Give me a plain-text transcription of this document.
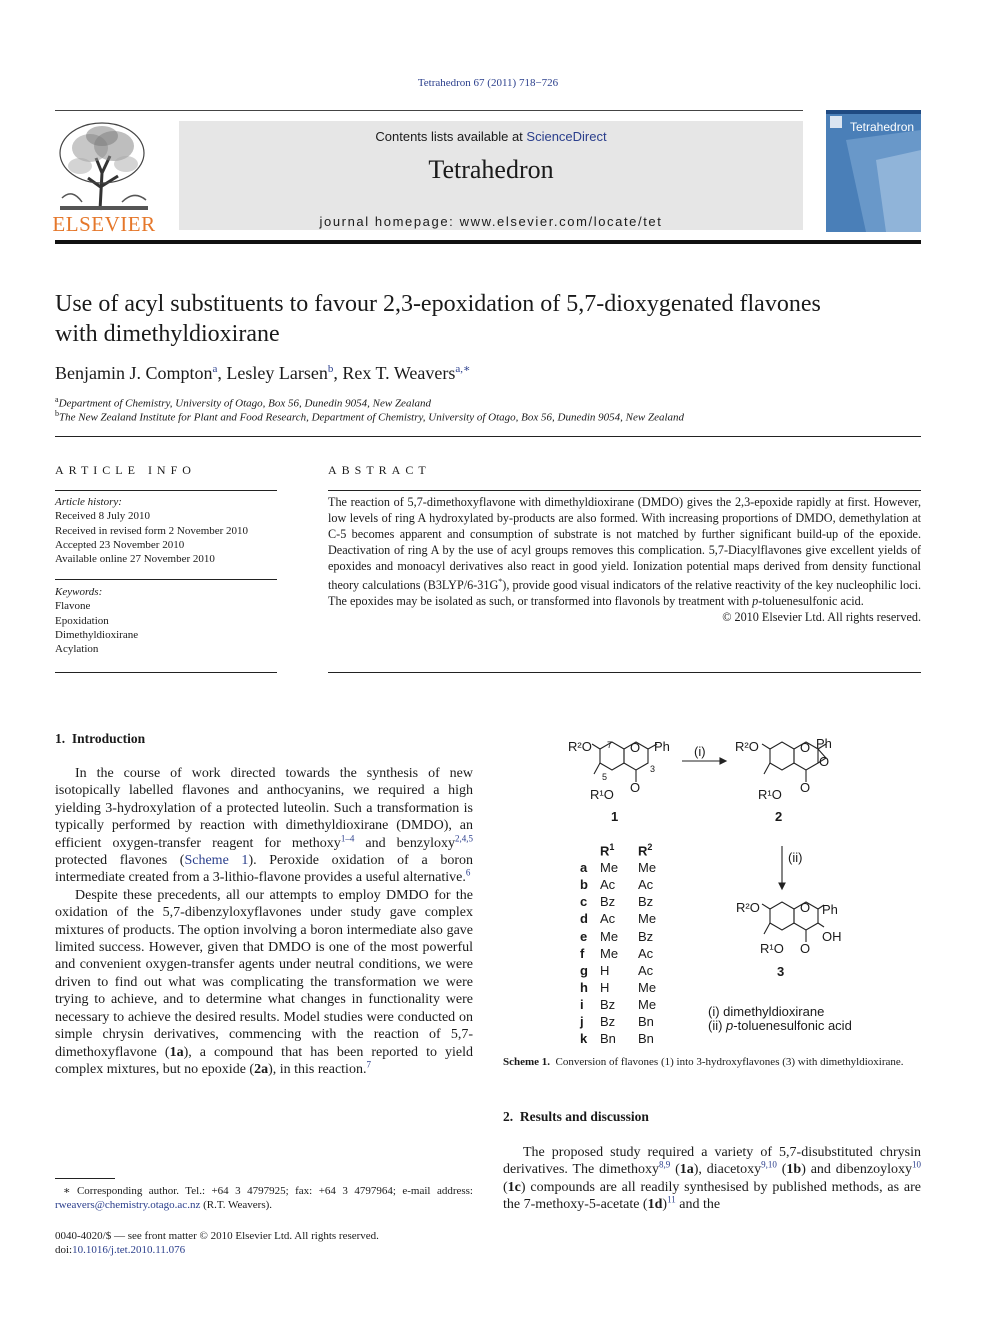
Tetrahedron 67 (2011) 718−726
ELSEVIER
Contents lists available at ScienceDirect
Tetrahedron
journal homepage: www.elsevier.com/locate/tet
Tetrahedron
Use of acyl substituents to favour 2,3-epoxidation of 5,7-dioxygenated flavones
with dimethyldioxirane
Benjamin J. Compton$^a$, Lesley Larsen$^b$, Rex T. Weavers$^{a,∗}$
$^a$Department of Chemistry, University of Otago, Box 56, Dunedin 9054, New Zealand
$^b$The New Zealand Institute for Plant and Food Research, Department of Chemistry, University of Otago, Box 56, Dunedin 9054, New Zealand
ARTICLE INFO
Article history:
Received 8 July 2010
Received in revised form 2 November 2010
Accepted 23 November 2010
Available online 27 November 2010
Keywords:
Flavone
Epoxidation
Dimethyldioxirane
Acylation
ABSTRACT
The reaction of 5,7-dimethoxyflavone with dimethyldioxirane (DMDO) gives the 2,3-epoxide rapidly at first. However, low levels of ring A hydroxylated by-products are also formed. With increasing proportions of DMDO, demethylation at C-5 becomes apparent and consumption of substrate is not matched by further significant build-up of the epoxide. Deactivation of ring A by the use of acyl groups removes this complication. 5,7-Diacylflavones give excellent yields of epoxides and monoacyl derivatives also react in good yield. Ionization potential maps derived from density functional theory calculations (B3LYP/6-31G*), provide good visual indicators of the relative reactivity of the key nucleophilic loci. The epoxides may be isolated as such, or transformed into flavonols by treatment with p-toluenesulfonic acid.
© 2010 Elsevier Ltd. All rights reserved.
1. Introduction

In the course of work directed towards the synthesis of new isotopically labelled flavones and anthocyanins, we required a high yielding 3-hydroxylation of a protected luteolin. Such a transformation is typically performed by reaction with dimethyldioxirane (DMDO), an efficient oxygen-transfer reagent for methoxy$^{1-4}$ and benzyloxy$^{2,4,5}$ protected flavones (Scheme 1). Peroxide oxidation of a boron intermediate created from a 3-lithio-flavone provides a useful alternative.$^6$

Despite these precedents, all our attempts to employ DMDO for the oxidation of the 5,7-dibenzyloxyflavones under study gave complex mixtures of products. The option involving a boron intermediate also gave limited success. However, given that DMDO is one of the most powerful and convenient oxygen-transfer agents under neutral conditions, we were driven to find out what was complicating the transformation we were trying to achieve, and to determine what changes in functionality were necessary to achieve the desired results. Model studies were conducted on simple chrysin derivatives, commencing with the reaction of 5,7-dimethoxyflavone (1a), a compound that has been reported to yield complex mixtures, but no epoxide (2a), in this reaction.$^7$

R²O 7 O Ph
3
5
O
R¹O
1
(i) R²O	O Ph
O
O
R¹O
2
(ii)
R²O	O Ph
OH
O
R¹O
3
	$R^1$	$R^2$
a	Me	Me
b	Ac	Ac
c	Bz	Bz
d	Ac	Me
e	Me	Bz
f	Me	Ac
g	H	Ac
h	H	Me
i	Bz	Me
j	Bz	Bn
k	Bn	Bn
(i) dimethyldioxirane
(ii) p-toluenesulfonic acid
Scheme 1. Conversion of flavones (1) into 3-hydroxyflavones (3) with dimethyldioxirane.
2. Results and discussion

The proposed study required a variety of 5,7-disubstituted chrysin derivatives. The dimethoxy$^{8,9}$ (1a), diacetoxy$^{9,10}$ (1b) and dibenzoyloxy$^{10}$ (1c) compounds are all readily synthesised by published methods, as are the 7-methoxy-5-acetate $(1d)^{11}$ and the

∗ Corresponding author. Tel.: +64 3 4797925; fax: +64 3 4797964; e-mail address: rweavers@chemistry.otago.ac.nz (R.T. Weavers).
0040-4020/$ — see front matter © 2010 Elsevier Ltd. All rights reserved.
doi:10.1016/j.tet.2010.11.076
